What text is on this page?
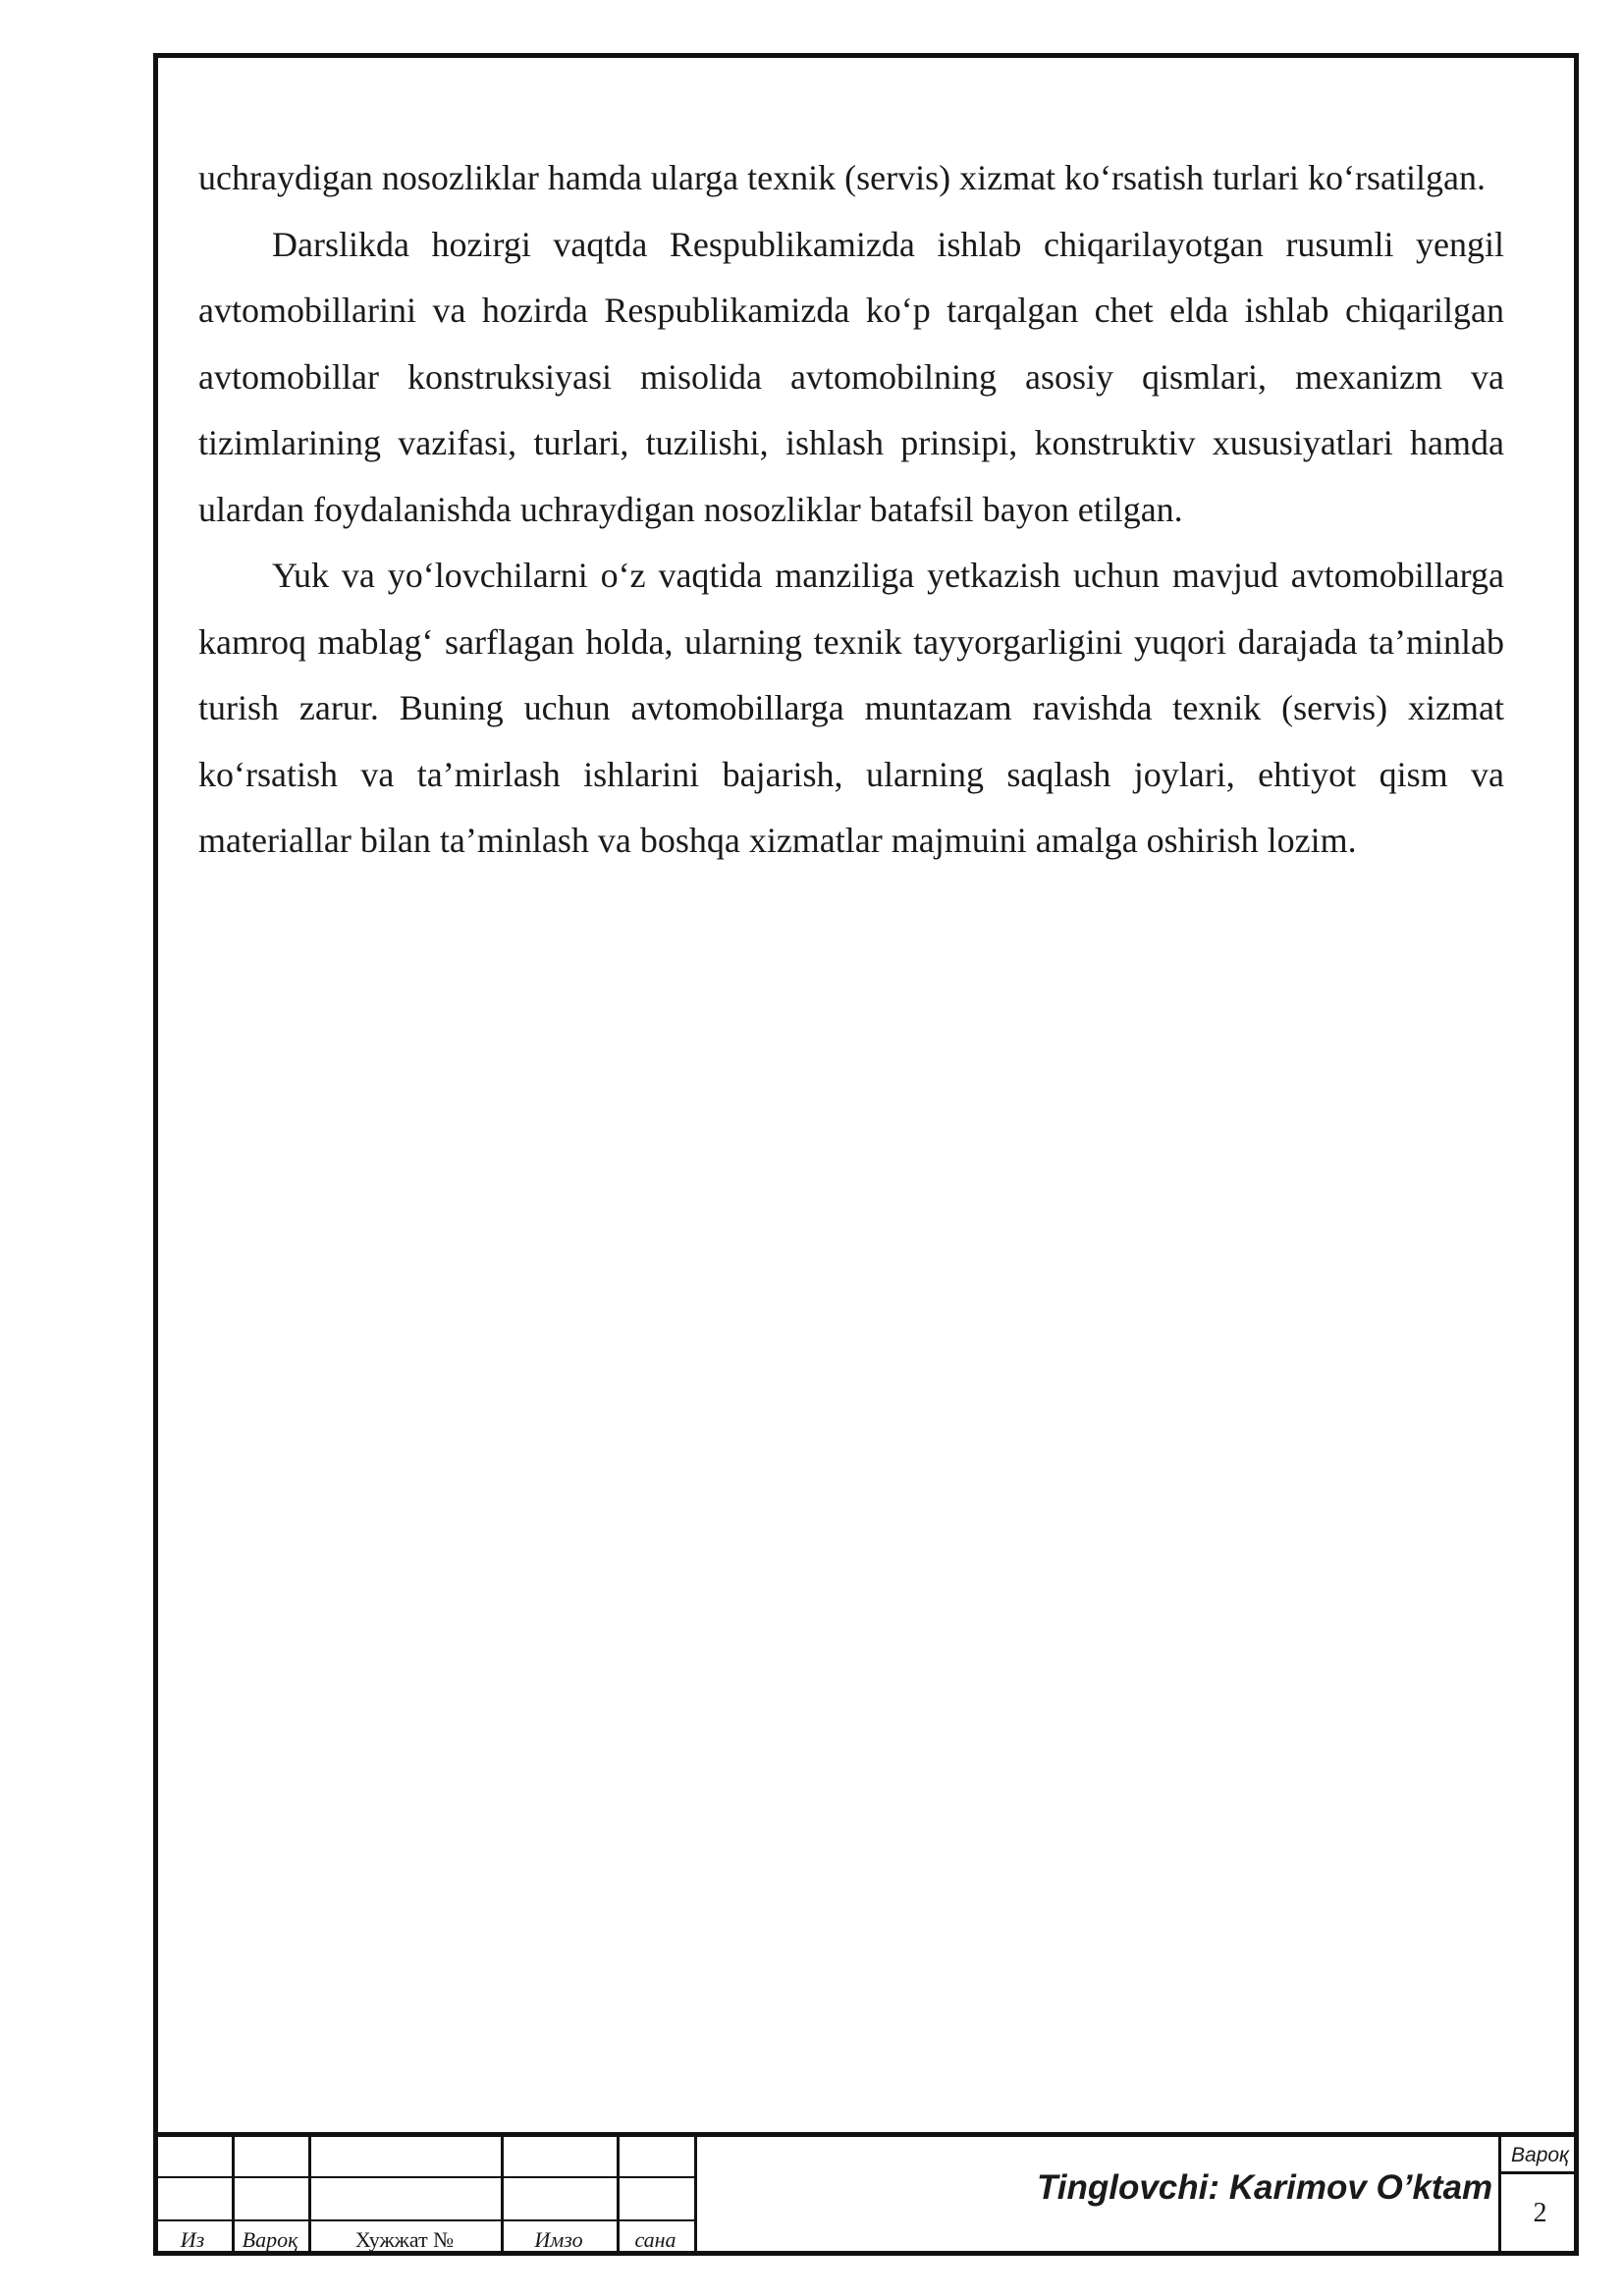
uchraydigan nosozliklar hamda ularga texnik (servis) xizmat ko‘rsatish turlari ko‘rsatilgan.

Darslikda hozirgi vaqtda Respublikamizda ishlab chiqarilayotgan rusumli yengil avtomobillarini va hozirda Respublikamizda ko‘p tarqalgan chet elda ishlab chiqarilgan avtomobillar konstruksiyasi misolida avtomobilning asosiy qismlari, mexanizm va tizimlarining vazifasi, turlari, tuzilishi, ishlash prinsipi, konstruktiv xususiyatlari hamda ulardan foydalanishda uchraydigan nosozliklar batafsil bayon etilgan.

Yuk va yo‘lovchilarni o‘z vaqtida manziliga yetkazish uchun mavjud avtomobillarga kamroq mablag‘ sarflagan holda, ularning texnik tayyorgarligini yuqori darajada ta’minlab turish zarur. Buning uchun avtomobillarga muntazam ravishda texnik (servis) xizmat ko‘rsatish va ta’mirlash ishlarini bajarish, ularning saqlash joylari, ehtiyot qism va materiallar bilan ta’minlash va boshqa xizmatlar majmuini amalga oshirish lozim.

Из	Вароқ	Хужжат №	Имзо	сана
Tinglovchi: Karimov O’ktam
Вароқ
2
